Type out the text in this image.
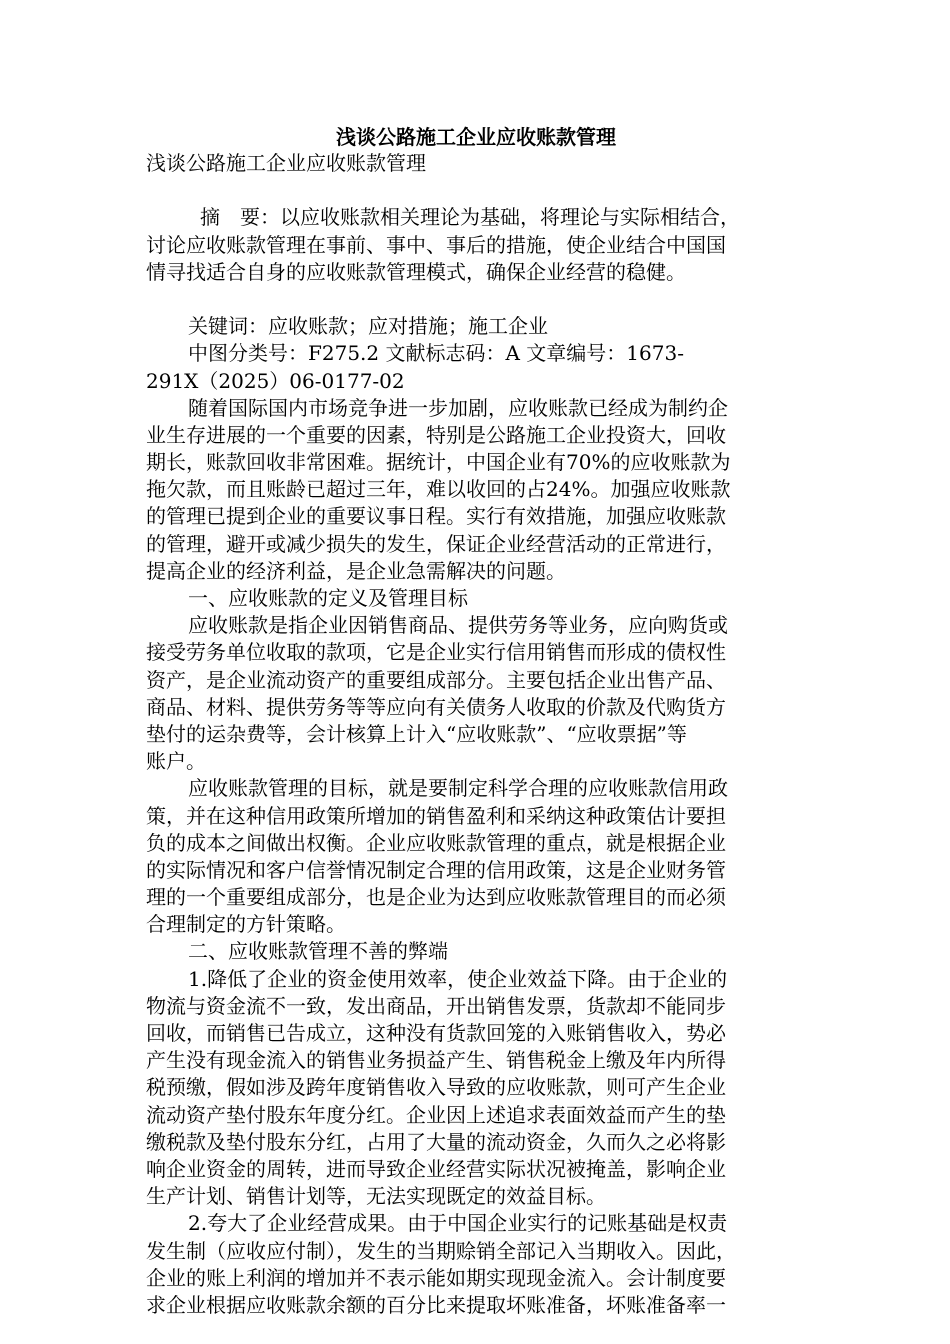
浅谈公路施工企业应收账款管理
浅谈公路施工企业应收账款管理
摘　要：以应收账款相关理论为基础，将理论与实际相结合，
讨论应收账款管理在事前、事中、事后的措施，使企业结合中国国
情寻找适合自身的应收账款管理模式，确保企业经营的稳健。
关键词：应收账款；应对措施；施工企业
中图分类号：F275.2 文献标志码：A 文章编号：1673-
291X（2025）06-0177-02
随着国际国内市场竞争进一步加剧，应收账款已经成为制约企
业生存进展的一个重要的因素，特别是公路施工企业投资大，回收
期长，账款回收非常困难。据统计，中国企业有70%的应收账款为
拖欠款，而且账龄已超过三年，难以收回的占24%。加强应收账款
的管理已提到企业的重要议事日程。实行有效措施，加强应收账款
的管理，避开或减少损失的发生，保证企业经营活动的正常进行，
提高企业的经济利益，是企业急需解决的问题。
一、应收账款的定义及管理目标
应收账款是指企业因销售商品、提供劳务等业务，应向购货或
接受劳务单位收取的款项，它是企业实行信用销售而形成的债权性
资产，是企业流动资产的重要组成部分。主要包括企业出售产品、
商品、材料、提供劳务等等应向有关债务人收取的价款及代购货方
垫付的运杂费等，会计核算上计入“应收账款”、“应收票据”等
账户。
应收账款管理的目标，就是要制定科学合理的应收账款信用政
策，并在这种信用政策所增加的销售盈利和采纳这种政策估计要担
负的成本之间做出权衡。企业应收账款管理的重点，就是根据企业
的实际情况和客户信誉情况制定合理的信用政策，这是企业财务管
理的一个重要组成部分，也是企业为达到应收账款管理目的而必须
合理制定的方针策略。
二、应收账款管理不善的弊端
1.降低了企业的资金使用效率，使企业效益下降。由于企业的
物流与资金流不一致，发出商品，开出销售发票，货款却不能同步
回收，而销售已告成立，这种没有货款回笼的入账销售收入，势必
产生没有现金流入的销售业务损益产生、销售税金上缴及年内所得
税预缴，假如涉及跨年度销售收入导致的应收账款，则可产生企业
流动资产垫付股东年度分红。企业因上述追求表面效益而产生的垫
缴税款及垫付股东分红，占用了大量的流动资金，久而久之必将影
响企业资金的周转，进而导致企业经营实际状况被掩盖，影响企业
生产计划、销售计划等，无法实现既定的效益目标。
2.夸大了企业经营成果。由于中国企业实行的记账基础是权责
发生制（应收应付制），发生的当期赊销全部记入当期收入。因此，
企业的账上利润的增加并不表示能如期实现现金流入。会计制度要
求企业根据应收账款余额的百分比来提取坏账准备，坏账准备率一
